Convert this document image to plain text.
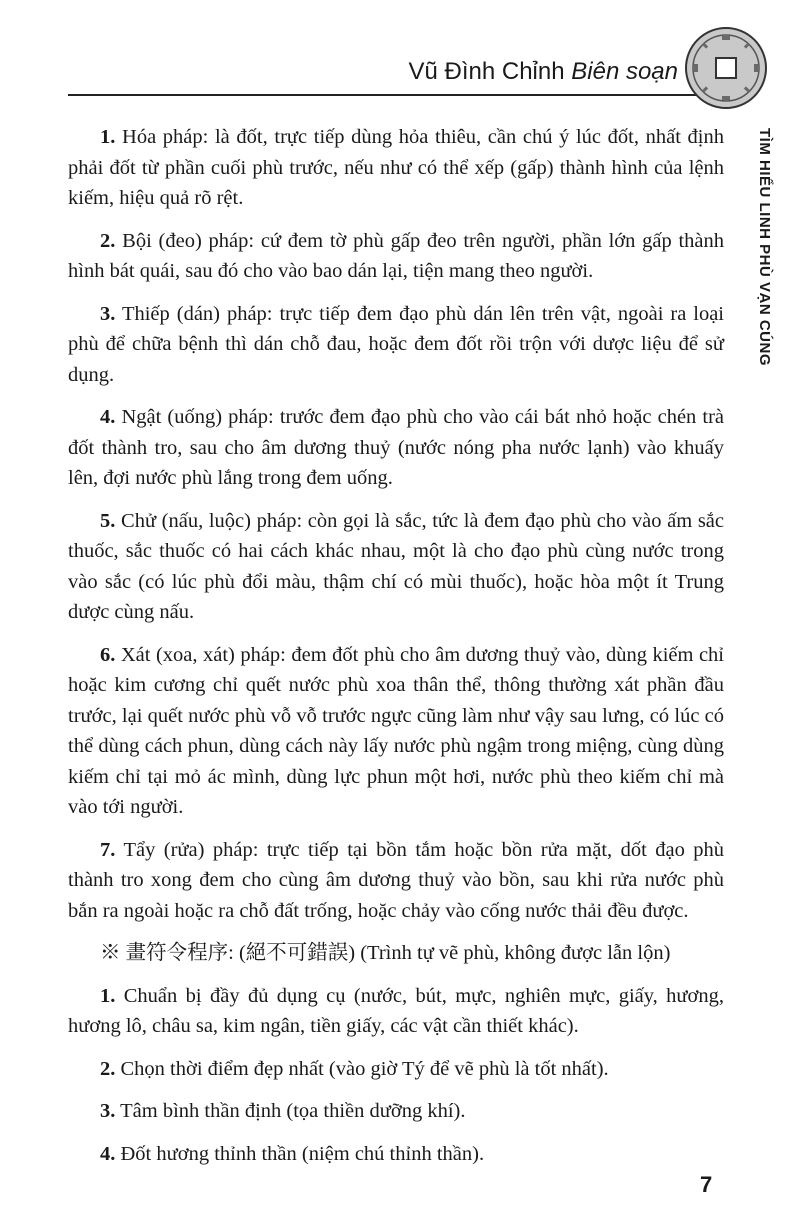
Vũ Đình Chỉnh Biên soạn
TÌM HIỂU LINH PHÙ VẠN CÚNG

1. Hóa pháp: là đốt, trực tiếp dùng hỏa thiêu, cần chú ý lúc đốt, nhất định phải đốt từ phần cuối phù trước, nếu như có thể xếp (gấp) thành hình của lệnh kiếm, hiệu quả rõ rệt.

2. Bội (đeo) pháp: cứ đem tờ phù gấp đeo trên người, phần lớn gấp thành hình bát quái, sau đó cho vào bao dán lại, tiện mang theo người.

3. Thiếp (dán) pháp: trực tiếp đem đạo phù dán lên trên vật, ngoài ra loại phù để chữa bệnh thì dán chỗ đau, hoặc đem đốt rồi trộn với dược liệu để sử dụng.

4. Ngật (uống) pháp: trước đem đạo phù cho vào cái bát nhỏ hoặc chén trà đốt thành tro, sau cho âm dương thuỷ (nước nóng pha nước lạnh) vào khuấy lên, đợi nước phù lắng trong đem uống.

5. Chử (nấu, luộc) pháp: còn gọi là sắc, tức là đem đạo phù cho vào ấm sắc thuốc, sắc thuốc có hai cách khác nhau, một là cho đạo phù cùng nước trong vào sắc (có lúc phù đổi màu, thậm chí có mùi thuốc), hoặc hòa một ít Trung dược cùng nấu.

6. Xát (xoa, xát) pháp: đem đốt phù cho âm dương thuỷ vào, dùng kiếm chỉ hoặc kim cương chỉ quết nước phù xoa thân thể, thông thường xát phần đầu trước, lại quết nước phù vỗ vỗ trước ngực cũng làm như vậy sau lưng, có lúc có thể dùng cách phun, dùng cách này lấy nước phù ngậm trong miệng, cùng dùng kiếm chỉ tại mỏ ác mình, dùng lực phun một hơi, nước phù theo kiếm chỉ mà vào tới người.

7. Tẩy (rửa) pháp: trực tiếp tại bồn tắm hoặc bồn rửa mặt, dốt đạo phù thành tro xong đem cho cùng âm dương thuỷ vào bồn, sau khi rửa nước phù bắn ra ngoài hoặc ra chỗ đất trống, hoặc chảy vào cống nước thải đều được.

※ 畫符令程序: (絕不可錯誤) (Trình tự vẽ phù, không được lẫn lộn)

1. Chuẩn bị đầy đủ dụng cụ (nước, bút, mực, nghiên mực, giấy, hương, hương lô, châu sa, kim ngân, tiền giấy, các vật cần thiết khác).

2. Chọn thời điểm đẹp nhất (vào giờ Tý để vẽ phù là tốt nhất).

3. Tâm bình thần định (tọa thiền dưỡng khí).

4. Đốt hương thỉnh thần (niệm chú thỉnh thần).

7
